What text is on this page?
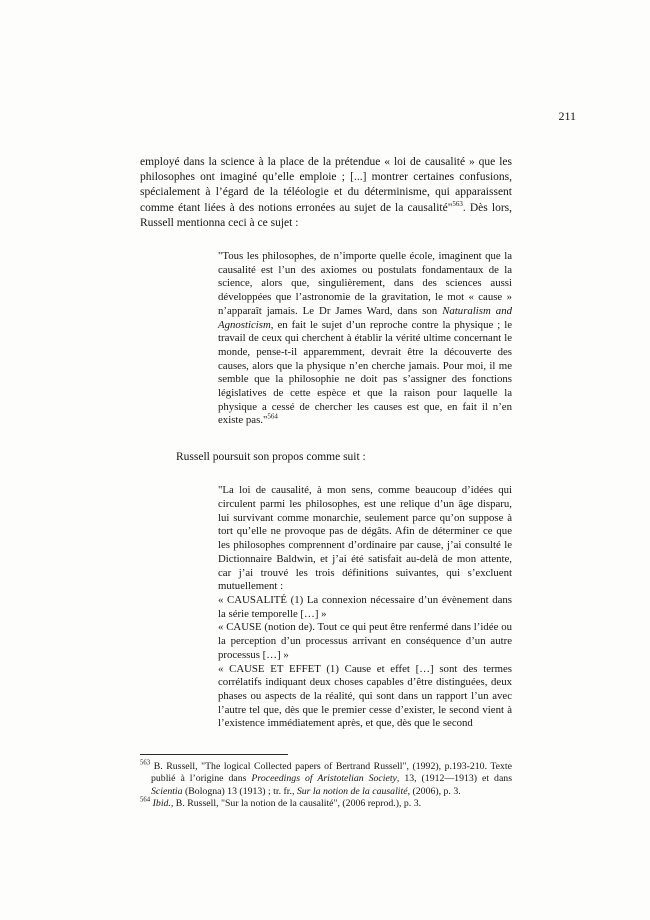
211

employé dans la science à la place de la prétendue « loi de causalité » que les philosophes ont imaginé qu’elle emploie ; [...] montrer certaines confusions, spécialement à l’égard de la téléologie et du déterminisme, qui apparaissent comme étant liées à des notions erronées au sujet de la causalité"$^{563}$. Dès lors, Russell mentionna ceci à ce sujet :

"Tous les philosophes, de n’importe quelle école, imaginent que la causalité est l’un des axiomes ou postulats fondamentaux de la science, alors que, singulièrement, dans des sciences aussi développées que l’astronomie de la gravitation, le mot « cause » n’apparaît jamais. Le Dr James Ward, dans son Naturalism and Agnosticism, en fait le sujet d’un reproche contre la physique ; le travail de ceux qui cherchent à établir la vérité ultime concernant le monde, pense-t-il apparemment, devrait être la découverte des causes, alors que la physique n’en cherche jamais. Pour moi, il me semble que la philosophie ne doit pas s’assigner des fonctions législatives de cette espèce et que la raison pour laquelle la physique a cessé de chercher les causes est que, en fait il n’en existe pas."$^{564}$

Russell poursuit son propos comme suit :

"La loi de causalité, à mon sens, comme beaucoup d’idées qui circulent parmi les philosophes, est une relique d’un âge disparu, lui survivant comme monarchie, seulement parce qu’on suppose à tort qu’elle ne provoque pas de dégâts. Afin de déterminer ce que les philosophes comprennent d’ordinaire par cause, j’ai consulté le Dictionnaire Baldwin, et j’ai été satisfait au-delà de mon attente, car j’ai trouvé les trois définitions suivantes, qui s’excluent mutuellement :
« CAUSALITÉ (1) La connexion nécessaire d’un évènement dans la série temporelle […] »
« CAUSE (notion de). Tout ce qui peut être renfermé dans l’idée ou la perception d’un processus arrivant en conséquence d’un autre processus […] »
« CAUSE ET EFFET (1) Cause et effet […] sont des termes corrélatifs indiquant deux choses capables d’être distinguées, deux phases ou aspects de la réalité, qui sont dans un rapport l’un avec l’autre tel que, dès que le premier cesse d’exister, le second vient à l’existence immédiatement après, et que, dès que le second
$^{563}$ B. Russell, "The logical Collected papers of Bertrand Russell", (1992), p.193-210. Texte publié à l’origine dans Proceedings of Aristotelian Society, 13, (1912—1913) et dans Scientia (Bologna) 13 (1913) ; tr. fr., Sur la notion de la causalité, (2006), p. 3.
$^{564}$ Ibid., B. Russell, "Sur la notion de la causalité", (2006 reprod.), p. 3.
